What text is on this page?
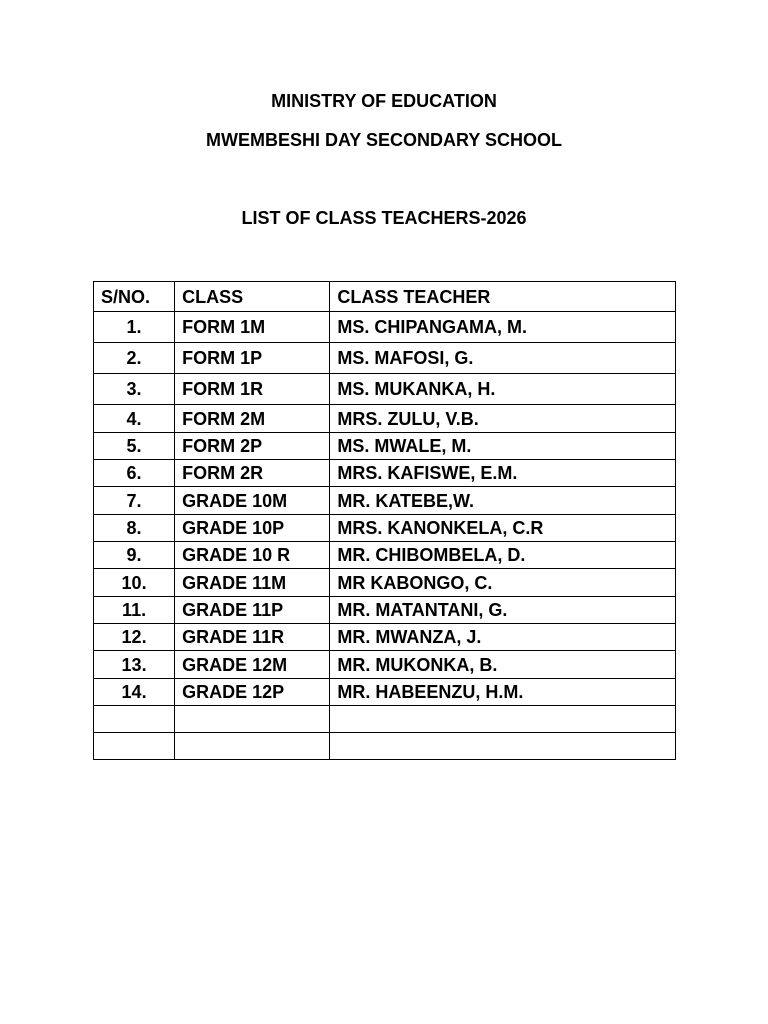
MINISTRY OF EDUCATION
MWEMBESHI DAY SECONDARY SCHOOL
LIST OF CLASS TEACHERS-2026
S/NO.	CLASS	CLASS TEACHER
1.	FORM 1M	MS. CHIPANGAMA, M.
2.	FORM 1P	MS. MAFOSI, G.
3.	FORM 1R	MS. MUKANKA, H.
4.	FORM 2M	MRS. ZULU, V.B.
5.	FORM 2P	MS. MWALE, M.
6.	FORM 2R	MRS. KAFISWE, E.M.
7.	GRADE 10M	MR. KATEBE,W.
8.	GRADE 10P	MRS. KANONKELA, C.R
9.	GRADE 10 R	MR. CHIBOMBELA, D.
10.	GRADE 11M	MR KABONGO, C.
11.	GRADE 11P	MR. MATANTANI, G.
12.	GRADE 11R	MR. MWANZA, J.
13.	GRADE 12M	MR. MUKONKA, B.
14.	GRADE 12P	MR. HABEENZU, H.M.
